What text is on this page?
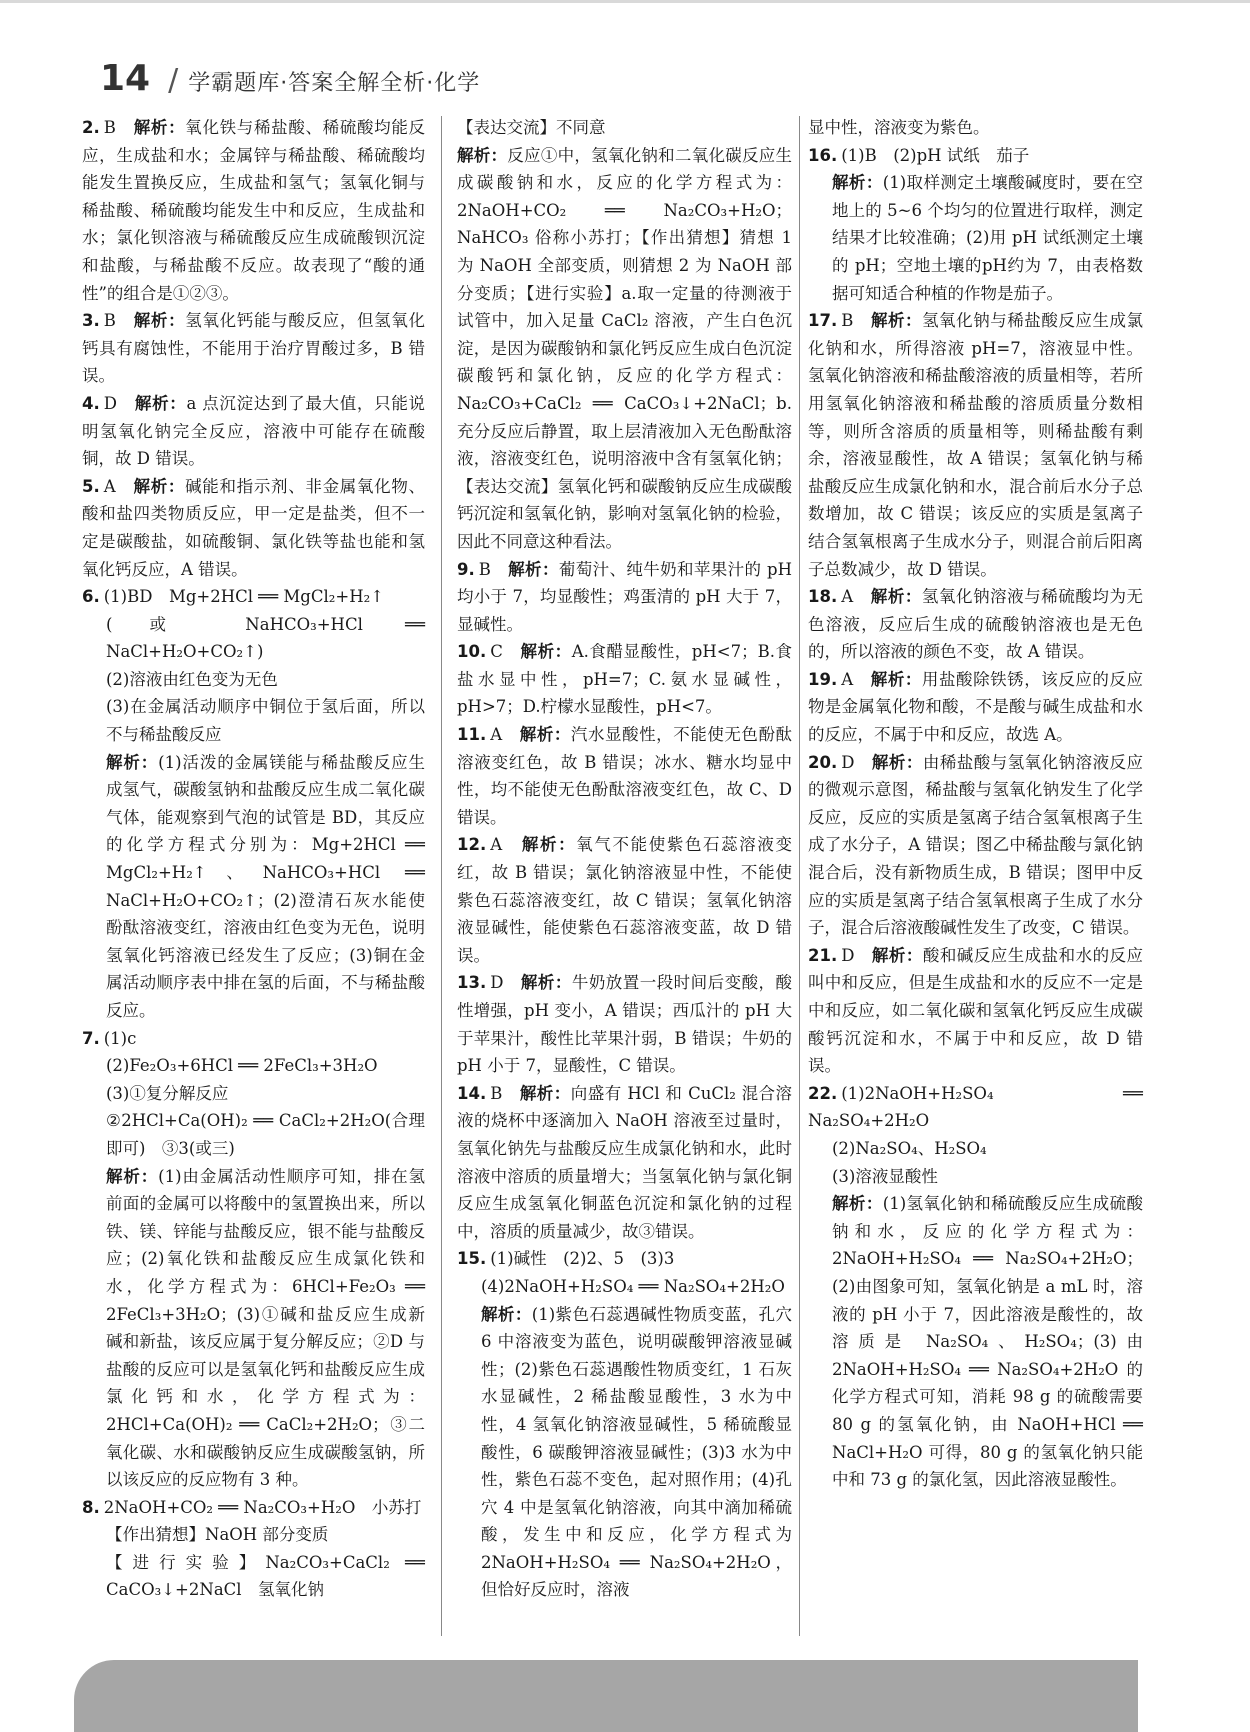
14 / 学霸题库·答案全解全析·化学

2. B　 解析：氧化铁与稀盐酸、稀硫酸均能反应，生成盐和水；金属锌与稀盐酸、稀硫酸均能发生置换反应，生成盐和氢气；氢氧化铜与稀盐酸、稀硫酸均能发生中和反应，生成盐和水；氯化钡溶液与稀硫酸反应生成硫酸钡沉淀和盐酸，与稀盐酸不反应。故表现了“酸的通性”的组合是①②③。

3. B　 解析：氢氧化钙能与酸反应，但氢氧化钙具有腐蚀性，不能用于治疗胃酸过多，B 错误。

4. D　 解析：a 点沉淀达到了最大值，只能说明氢氧化钠完全反应，溶液中可能存在硫酸铜，故 D 错误。

5. A　 解析：碱能和指示剂、非金属氧化物、酸和盐四类物质反应，甲一定是盐类，但不一定是碳酸盐，如硫酸铜、氯化铁等盐也能和氢氧化钙反应，A 错误。

6. (1)BD　Mg+2HCl ══ MgCl₂+H₂↑

(或 NaHCO₃+HCl ══ NaCl+H₂O+CO₂↑)

(2)溶液由红色变为无色

(3)在金属活动顺序中铜位于氢后面，所以不与稀盐酸反应

解析：(1)活泼的金属镁能与稀盐酸反应生成氢气，碳酸氢钠和盐酸反应生成二氧化碳气体，能观察到气泡的试管是 BD，其反应的化学方程式分别为：Mg+2HCl ══ MgCl₂+H₂↑、NaHCO₃+HCl ══ NaCl+H₂O+CO₂↑；(2)澄清石灰水能使酚酞溶液变红，溶液由红色变为无色，说明氢氧化钙溶液已经发生了反应；(3)铜在金属活动顺序表中排在氢的后面，不与稀盐酸反应。

7. (1)c

(2)Fe₂O₃+6HCl ══ 2FeCl₃+3H₂O

(3)①复分解反应

②2HCl+Ca(OH)₂ ══ CaCl₂+2H₂O(合理即可)　③3(或三)

解析：(1)由金属活动性顺序可知，排在氢前面的金属可以将酸中的氢置换出来，所以铁、镁、锌能与盐酸反应，银不能与盐酸反应；(2)氧化铁和盐酸反应生成氯化铁和水，化学方程式为：6HCl+Fe₂O₃ ══ 2FeCl₃+3H₂O；(3)①碱和盐反应生成新碱和新盐，该反应属于复分解反应；②D 与盐酸的反应可以是氢氧化钙和盐酸反应生成氯化钙和水，化学方程式为：2HCl+Ca(OH)₂ ══ CaCl₂+2H₂O；③二氧化碳、水和碳酸钠反应生成碳酸氢钠，所以该反应的反应物有 3 种。

8. 2NaOH+CO₂ ══ Na₂CO₃+H₂O　小苏打

【作出猜想】NaOH 部分变质

【进行实验】Na₂CO₃+CaCl₂ ══ CaCO₃↓+2NaCl　氢氧化钠

【表达交流】不同意

解析：反应①中，氢氧化钠和二氧化碳反应生成碳酸钠和水，反应的化学方程式为：2NaOH+CO₂ ══ Na₂CO₃+H₂O；NaHCO₃ 俗称小苏打；【作出猜想】猜想 1 为 NaOH 全部变质，则猜想 2 为 NaOH 部分变质；【进行实验】a.取一定量的待测液于试管中，加入足量 CaCl₂ 溶液，产生白色沉淀，是因为碳酸钠和氯化钙反应生成白色沉淀碳酸钙和氯化钠，反应的化学方程式：Na₂CO₃+CaCl₂ ══ CaCO₃↓+2NaCl；b.充分反应后静置，取上层清液加入无色酚酞溶液，溶液变红色，说明溶液中含有氢氧化钠；【表达交流】氢氧化钙和碳酸钠反应生成碳酸钙沉淀和氢氧化钠，影响对氢氧化钠的检验，因此不同意这种看法。

9. B　 解析：葡萄汁、纯牛奶和苹果汁的 pH 均小于 7，均显酸性；鸡蛋清的 pH 大于 7，显碱性。

10. C　 解析：A.食醋显酸性，pH<7；B.食盐水显中性，pH=7；C.氨水显碱性，pH>7；D.柠檬水显酸性，pH<7。

11. A　 解析：汽水显酸性，不能使无色酚酞溶液变红色，故 B 错误；冰水、糖水均显中性，均不能使无色酚酞溶液变红色，故 C、D 错误。

12. A　 解析：氧气不能使紫色石蕊溶液变红，故 B 错误；氯化钠溶液显中性，不能使紫色石蕊溶液变红，故 C 错误；氢氧化钠溶液显碱性，能使紫色石蕊溶液变蓝，故 D 错误。

13. D　 解析：牛奶放置一段时间后变酸，酸性增强，pH 变小，A 错误；西瓜汁的 pH 大于苹果汁，酸性比苹果汁弱，B 错误；牛奶的 pH 小于 7，显酸性，C 错误。

14. B　 解析：向盛有 HCl 和 CuCl₂ 混合溶液的烧杯中逐滴加入 NaOH 溶液至过量时，氢氧化钠先与盐酸反应生成氯化钠和水，此时溶液中溶质的质量增大；当氢氧化钠与氯化铜反应生成氢氧化铜蓝色沉淀和氯化钠的过程中，溶质的质量减少，故③错误。

15. (1)碱性　(2)2、5　(3)3

(4)2NaOH+H₂SO₄ ══ Na₂SO₄+2H₂O

解析：(1)紫色石蕊遇碱性物质变蓝，孔穴 6 中溶液变为蓝色，说明碳酸钾溶液显碱性；(2)紫色石蕊遇酸性物质变红，1 石灰水显碱性，2 稀盐酸显酸性，3 水为中性，4 氢氧化钠溶液显碱性，5 稀硫酸显酸性，6 碳酸钾溶液显碱性；(3)3 水为中性，紫色石蕊不变色，起对照作用；(4)孔穴 4 中是氢氧化钠溶液，向其中滴加稀硫酸，发生中和反应，化学方程式为 2NaOH+H₂SO₄ ══ Na₂SO₄+2H₂O，但恰好反应时，溶液

显中性，溶液变为紫色。

16. (1)B　(2)pH 试纸　茄子

解析：(1)取样测定土壤酸碱度时，要在空地上的 5~6 个均匀的位置进行取样，测定结果才比较准确；(2)用 pH 试纸测定土壤的 pH；空地土壤的pH约为 7，由表格数据可知适合种植的作物是茄子。

17. B　 解析：氢氧化钠与稀盐酸反应生成氯化钠和水，所得溶液 pH=7，溶液显中性。氢氧化钠溶液和稀盐酸溶液的质量相等，若所用氢氧化钠溶液和稀盐酸的溶质质量分数相等，则所含溶质的质量相等，则稀盐酸有剩余，溶液显酸性，故 A 错误；氢氧化钠与稀盐酸反应生成氯化钠和水，混合前后水分子总数增加，故 C 错误；该反应的实质是氢离子结合氢氧根离子生成水分子，则混合前后阳离子总数减少，故 D 错误。

18. A　 解析：氢氧化钠溶液与稀硫酸均为无色溶液，反应后生成的硫酸钠溶液也是无色的，所以溶液的颜色不变，故 A 错误。

19. A　 解析：用盐酸除铁锈，该反应的反应物是金属氧化物和酸，不是酸与碱生成盐和水的反应，不属于中和反应，故选 A。

20. D　 解析：由稀盐酸与氢氧化钠溶液反应的微观示意图，稀盐酸与氢氧化钠发生了化学反应，反应的实质是氢离子结合氢氧根离子生成了水分子，A 错误；图乙中稀盐酸与氯化钠混合后，没有新物质生成，B 错误；图甲中反应的实质是氢离子结合氢氧根离子生成了水分子，混合后溶液酸碱性发生了改变，C 错误。

21. D　 解析：酸和碱反应生成盐和水的反应叫中和反应，但是生成盐和水的反应不一定是中和反应，如二氧化碳和氢氧化钙反应生成碳酸钙沉淀和水，不属于中和反应，故 D 错误。

22. (1)2NaOH+H₂SO₄ ══ Na₂SO₄+2H₂O

(2)Na₂SO₄、H₂SO₄

(3)溶液显酸性

解析：(1)氢氧化钠和稀硫酸反应生成硫酸钠和水，反应的化学方程式为：2NaOH+H₂SO₄ ══ Na₂SO₄+2H₂O；(2)由图象可知，氢氧化钠是 a mL 时，溶液的 pH 小于 7，因此溶液是酸性的，故溶质是 Na₂SO₄、H₂SO₄；(3)由 2NaOH+H₂SO₄ ══ Na₂SO₄+2H₂O 的化学方程式可知，消耗 98 g 的硫酸需要 80 g 的氢氧化钠，由 NaOH+HCl ══ NaCl+H₂O 可得，80 g 的氢氧化钠只能中和 73 g 的氯化氢，因此溶液显酸性。
